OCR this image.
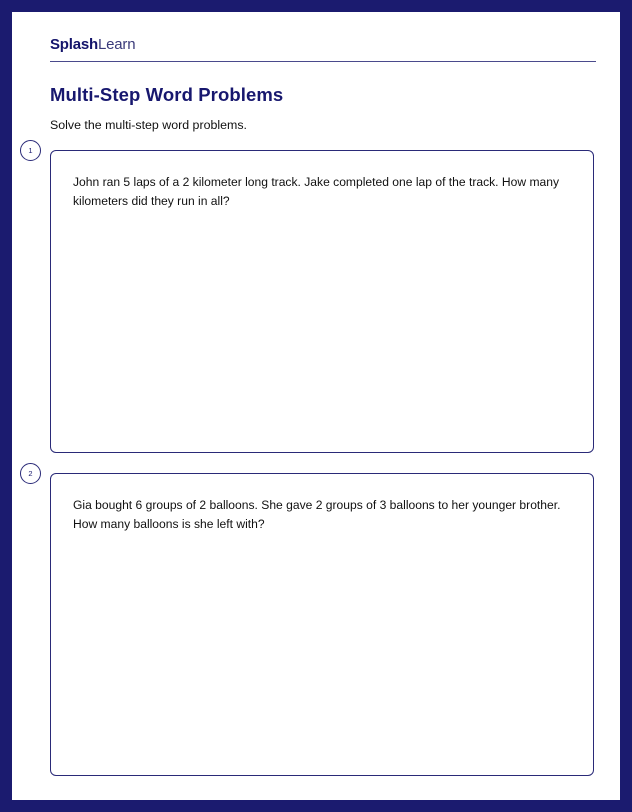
SplashLearn
Multi-Step Word Problems
Solve the multi-step word problems.
1
John ran 5 laps of a 2 kilometer long track. Jake completed one lap of the track. How many kilometers did they run in all?
2
Gia bought 6 groups of 2 balloons. She gave 2 groups of 3 balloons to her younger brother. How many balloons is she left with?
